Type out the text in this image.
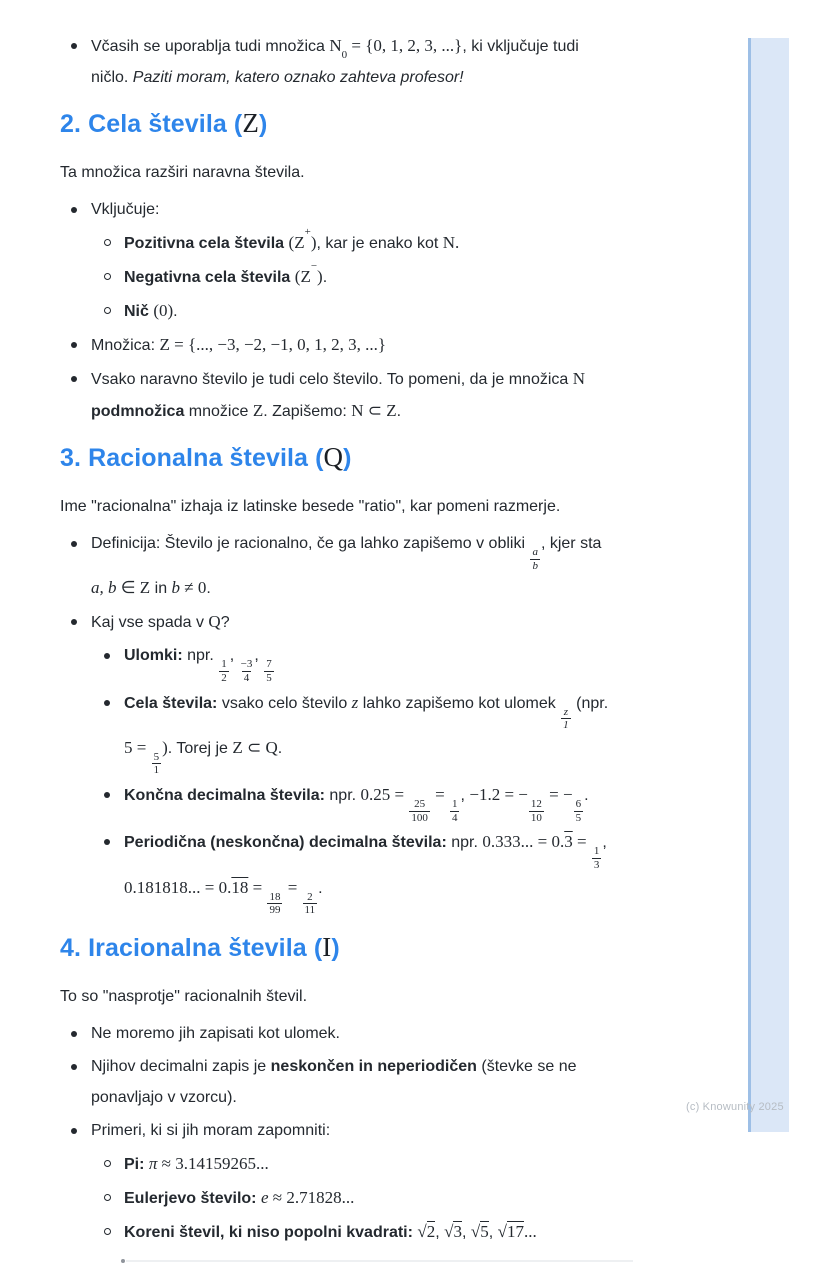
Včasih se uporablja tudi množica $N_0 = \{0$, 1, 2, 3, ...}, ki vključuje tudi
ničlo. Paziti moram, katero oznako zahteva profesor!
2. Cela števila (Z)

Ta množica razširi naravna števila.

Vključuje:
Pozitivna cela števila (Z+), kar je enako kot N.
Negativna cela števila (Z−).
Nič (0).
Množica: Z = {..., −3, −2, −1, 0, 1, 2, 3, ...}
Vsako naravno število je tudi celo število. To pomeni, da je množica N
podmnožica množice Z. Zapišemo: N ⊂ Z.
3. Racionalna števila (Q)

Ime "racionalna" izhaja iz latinske besede "ratio", kar pomeni razmerje.

Definicija: Število je racionalno, če ga lahko zapišemo v obliki
$\frac{a}{b}$
, kjer sta
a, b ∈ Z in b ≠ 0.
Kaj vse spada v Q?
Ulomki: npr.
$\frac{1}{2}$
,
$\frac{-3}{4}$
,
$\frac{7}{5}$
Cela števila: vsako celo število z lahko zapišemo kot ulomek
$\frac{z}{1}$
(npr.
5 =
$\frac{5}{1}$
). Torej je Z ⊂ Q.
Končna decimalna števila: npr. 0.25 =
$\frac{25}{100}$
=
$\frac{1}{4}$
, −1.2 = −
$\frac{12}{10}$
= −
$\frac{6}{5}$
.
Periodična (neskončna) decimalna števila: npr. 0.333... = 0.3 =
$\frac{1}{3}$
,
0.181818... = 0.18 =
$\frac{18}{99}$
=
$\frac{2}{11}$
.
4. Iracionalna števila (I)

To so "nasprotje" racionalnih števil.

Ne moremo jih zapisati kot ulomek.
Njihov decimalni zapis je neskončen in neperiodičen (števke se ne
ponavljajo v vzorcu).
Primeri, ki si jih moram zapomniti:
Pi: π ≈ 3.14159265...
Eulerjevo število: e ≈ 2.71828...
Koreni števil, ki niso popolni kvadrati: √2, √3, √5, √17...
(c) Knowunity 2025
